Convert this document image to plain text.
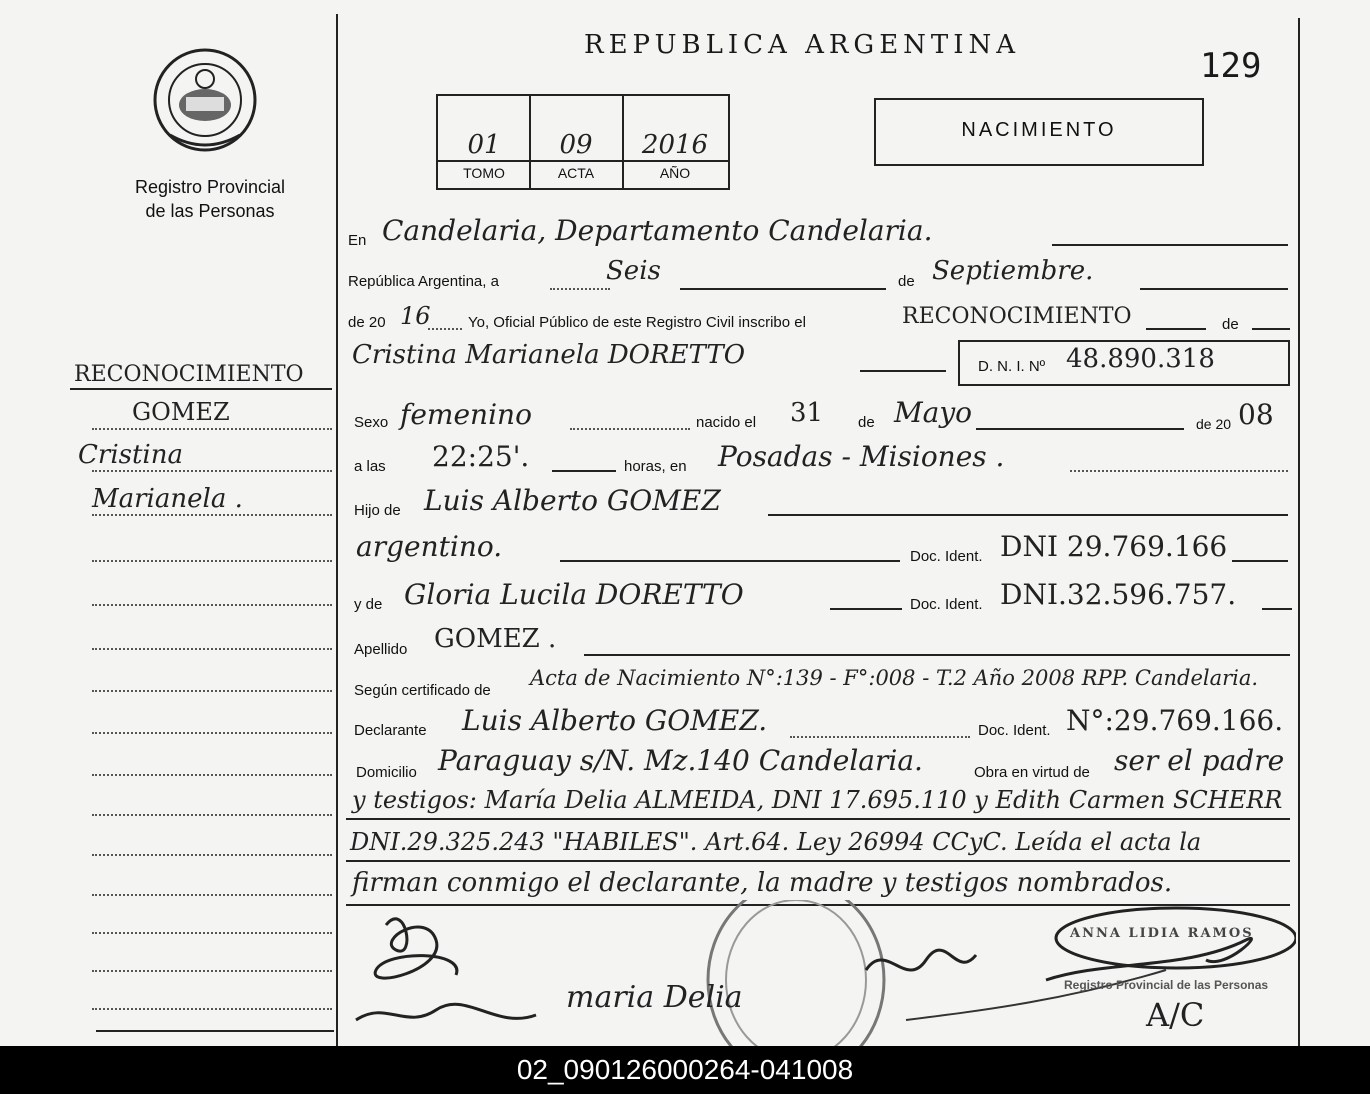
Registro Provincial
de las Personas
REPUBLICA ARGENTINA
129
01	09	2016
TOMO	ACTA	AÑO
NACIMIENTO
RECONOCIMIENTO
GOMEZ
Cristina
Marianela .
En Candelaria, Departamento Candelaria.
República Argentina, a	Seis	de Septiembre.
de 20 16 Yo, Oficial Público de este Registro Civil inscribo el	RECONOCIMIENTO	de
Cristina Marianela DORETTO	D. N. I. Nº 48.890.318
Sexo femenino	nacido el 31 de Mayo	de 20 08
a las 22:25'.	horas, en Posadas - Misiones .
Hijo de Luis Alberto GOMEZ
argentino.	Doc. Ident. DNI 29.769.166
y de Gloria Lucila DORETTO	Doc. Ident. DNI.32.596.757.
Apellido GOMEZ .
Según certificado de
Acta de Nacimiento N°:139 - F°:008 - T.2 Año 2008 RPP. Candelaria.
Declarante Luis Alberto GOMEZ.	Doc. Ident. N°:29.769.166.
Domicilio Paraguay s/N. Mz.140 Candelaria.	Obra en virtud de ser el padre
y testigos: María Delia ALMEIDA, DNI 17.695.110 y Edith Carmen SCHERR
DNI.29.325.243 "HABILES". Art.64. Ley 26994 CCyC. Leída el acta la
firman conmigo el declarante, la madre y testigos nombrados.
ANNA LIDIA RAMOS
Registro Provincial de las Personas
maria Delia	A/C
02_090126000264-041008
